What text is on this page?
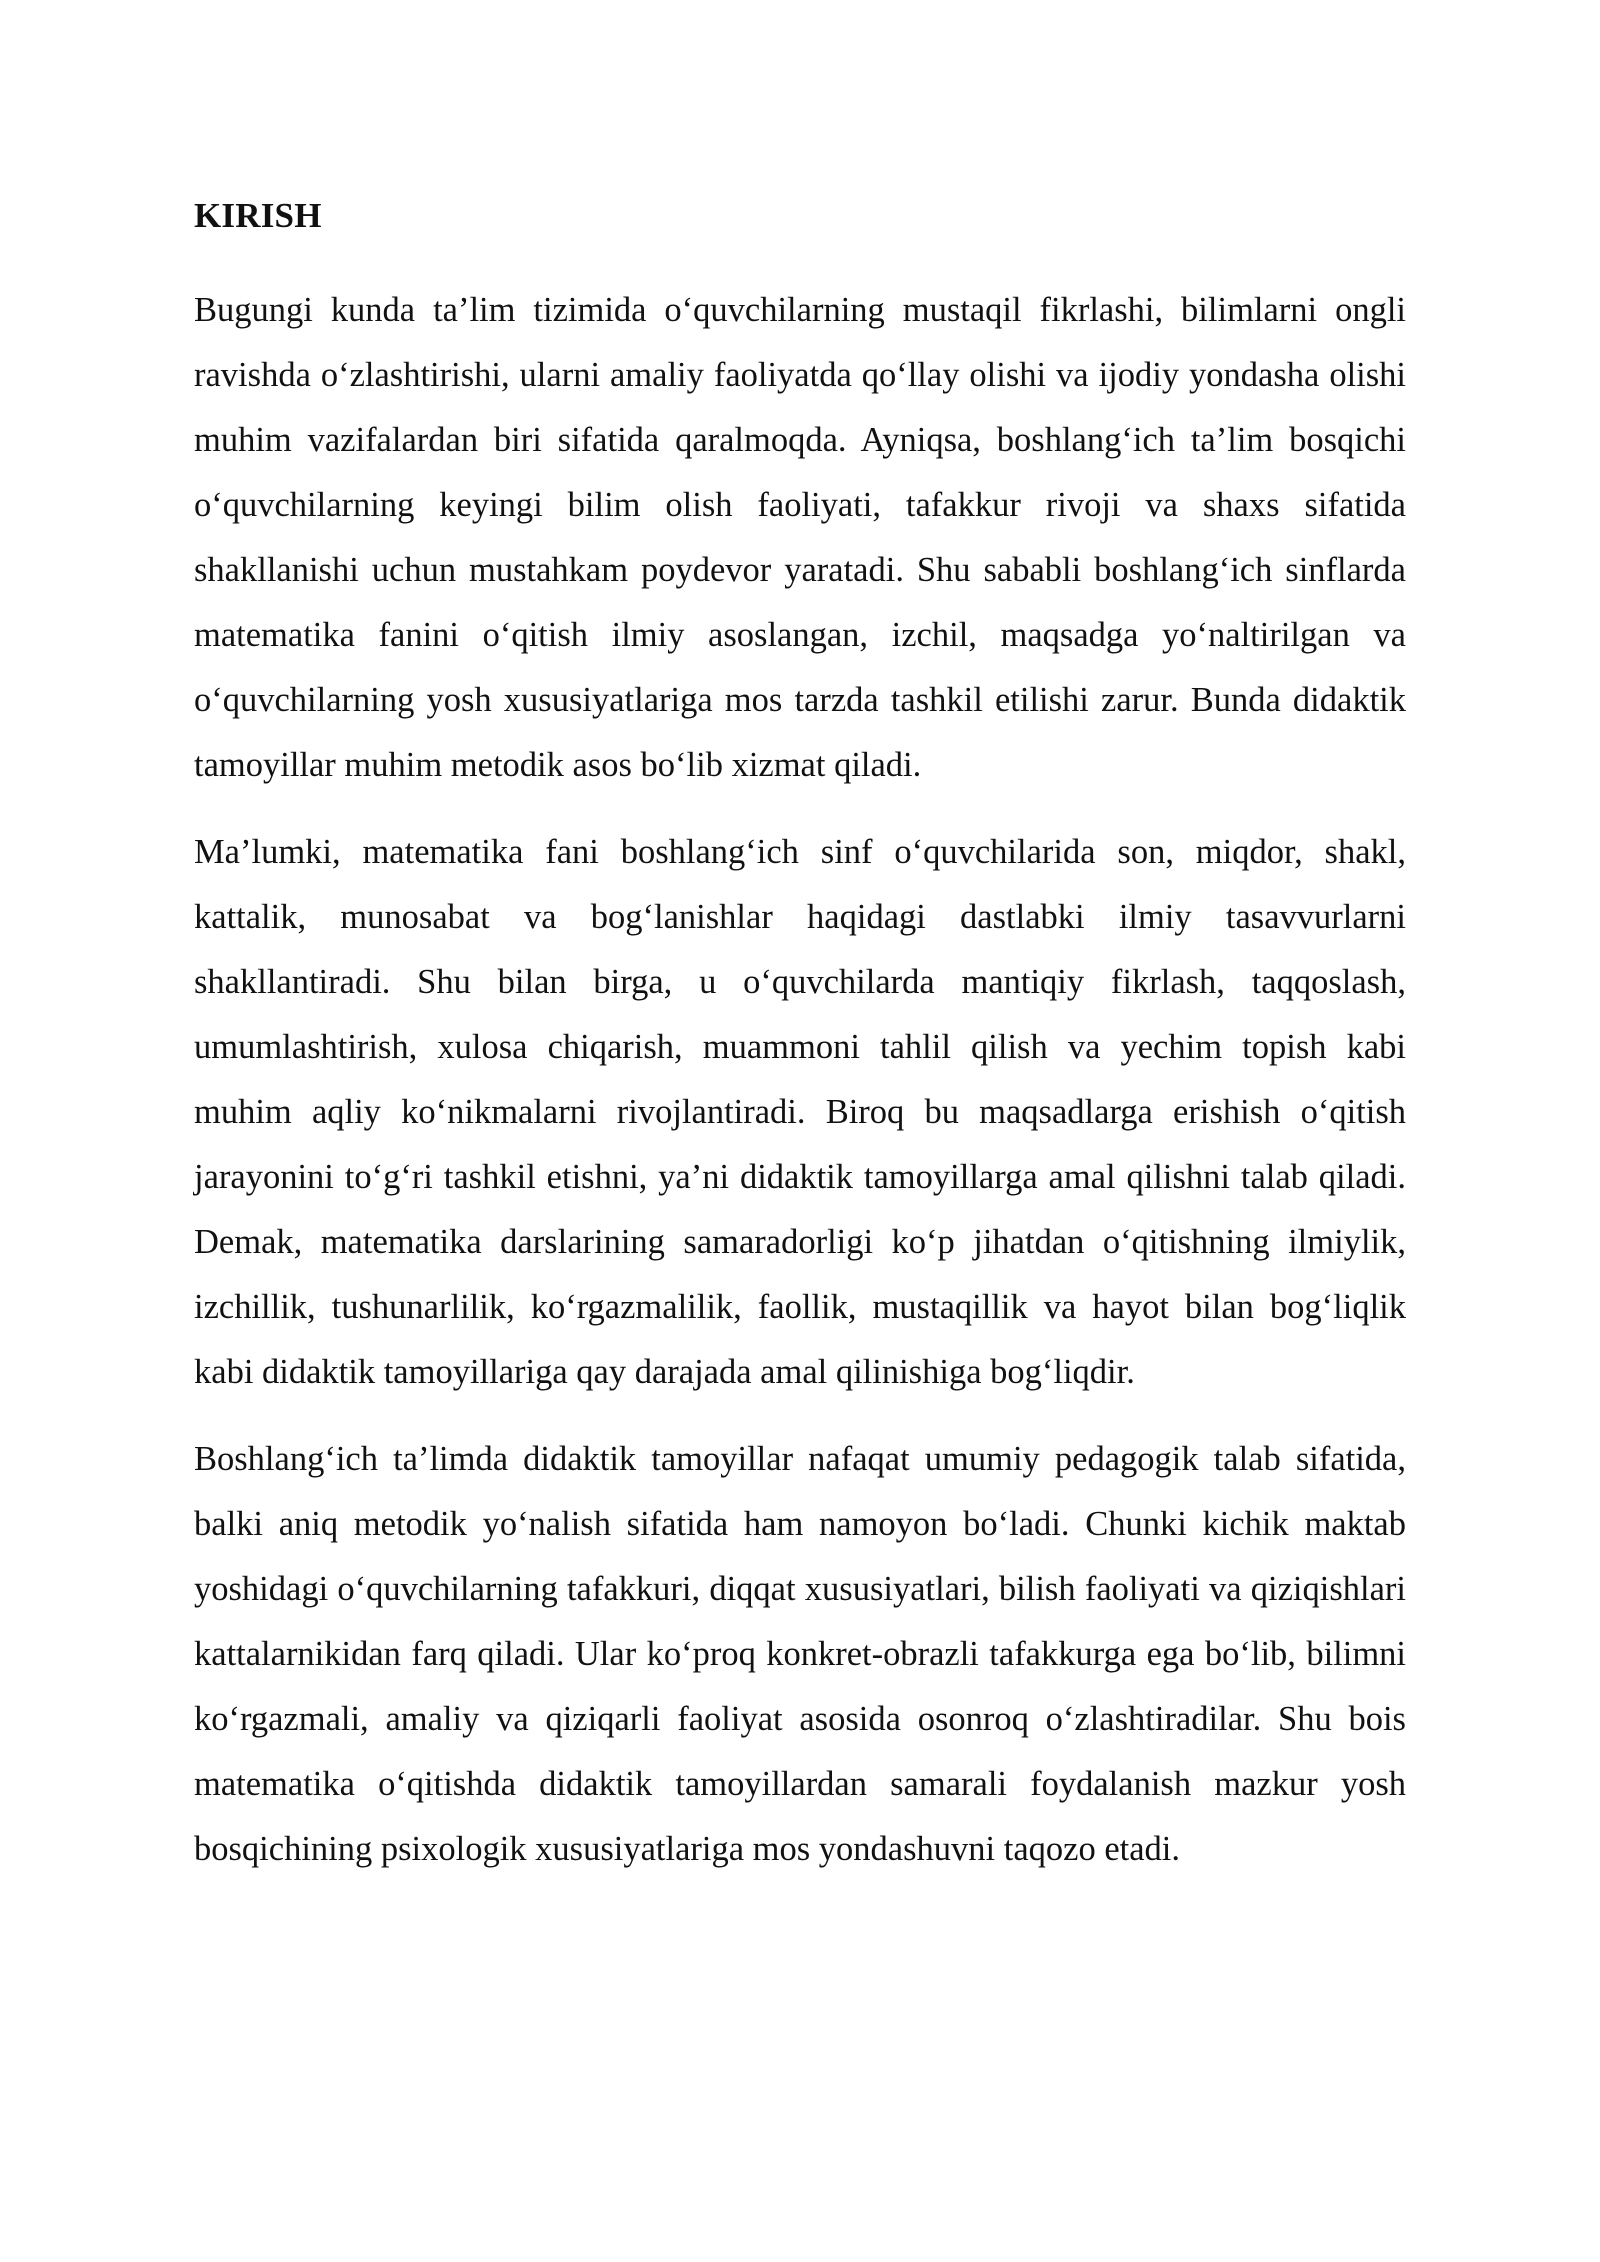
KIRISH

Bugungi kunda ta’lim tizimida o‘quvchilarning mustaqil fikrlashi, bilimlarni ongli ravishda o‘zlashtirishi, ularni amaliy faoliyatda qo‘llay olishi va ijodiy yondasha olishi muhim vazifalardan biri sifatida qaralmoqda. Ayniqsa, boshlang‘ich ta’lim bosqichi o‘quvchilarning keyingi bilim olish faoliyati, tafakkur rivoji va shaxs sifatida shakllanishi uchun mustahkam poydevor yaratadi. Shu sababli boshlang‘ich sinflarda matematika fanini o‘qitish ilmiy asoslangan, izchil, maqsadga yo‘naltirilgan va o‘quvchilarning yosh xususiyatlariga mos tarzda tashkil etilishi zarur. Bunda didaktik tamoyillar muhim metodik asos bo‘lib xizmat qiladi.

Ma’lumki, matematika fani boshlang‘ich sinf o‘quvchilarida son, miqdor, shakl, kattalik, munosabat va bog‘lanishlar haqidagi dastlabki ilmiy tasavvurlarni shakllantiradi. Shu bilan birga, u o‘quvchilarda mantiqiy fikrlash, taqqoslash, umumlashtirish, xulosa chiqarish, muammoni tahlil qilish va yechim topish kabi muhim aqliy ko‘nikmalarni rivojlantiradi. Biroq bu maqsadlarga erishish o‘qitish jarayonini to‘g‘ri tashkil etishni, ya’ni didaktik tamoyillarga amal qilishni talab qiladi. Demak, matematika darslarining samaradorligi ko‘p jihatdan o‘qitishning ilmiylik, izchillik, tushunarlilik, ko‘rgazmalilik, faollik, mustaqillik va hayot bilan bog‘liqlik kabi didaktik tamoyillariga qay darajada amal qilinishiga bog‘liqdir.

Boshlang‘ich ta’limda didaktik tamoyillar nafaqat umumiy pedagogik talab sifatida, balki aniq metodik yo‘nalish sifatida ham namoyon bo‘ladi. Chunki kichik maktab yoshidagi o‘quvchilarning tafakkuri, diqqat xususiyatlari, bilish faoliyati va qiziqishlari kattalarnikidan farq qiladi. Ular ko‘proq konkret-obrazli tafakkurga ega bo‘lib, bilimni ko‘rgazmali, amaliy va qiziqarli faoliyat asosida osonroq o‘zlashtiradilar. Shu bois matematika o‘qitishda didaktik tamoyillardan samarali foydalanish mazkur yosh bosqichining psixologik xususiyatlariga mos yondashuvni taqozo etadi.
